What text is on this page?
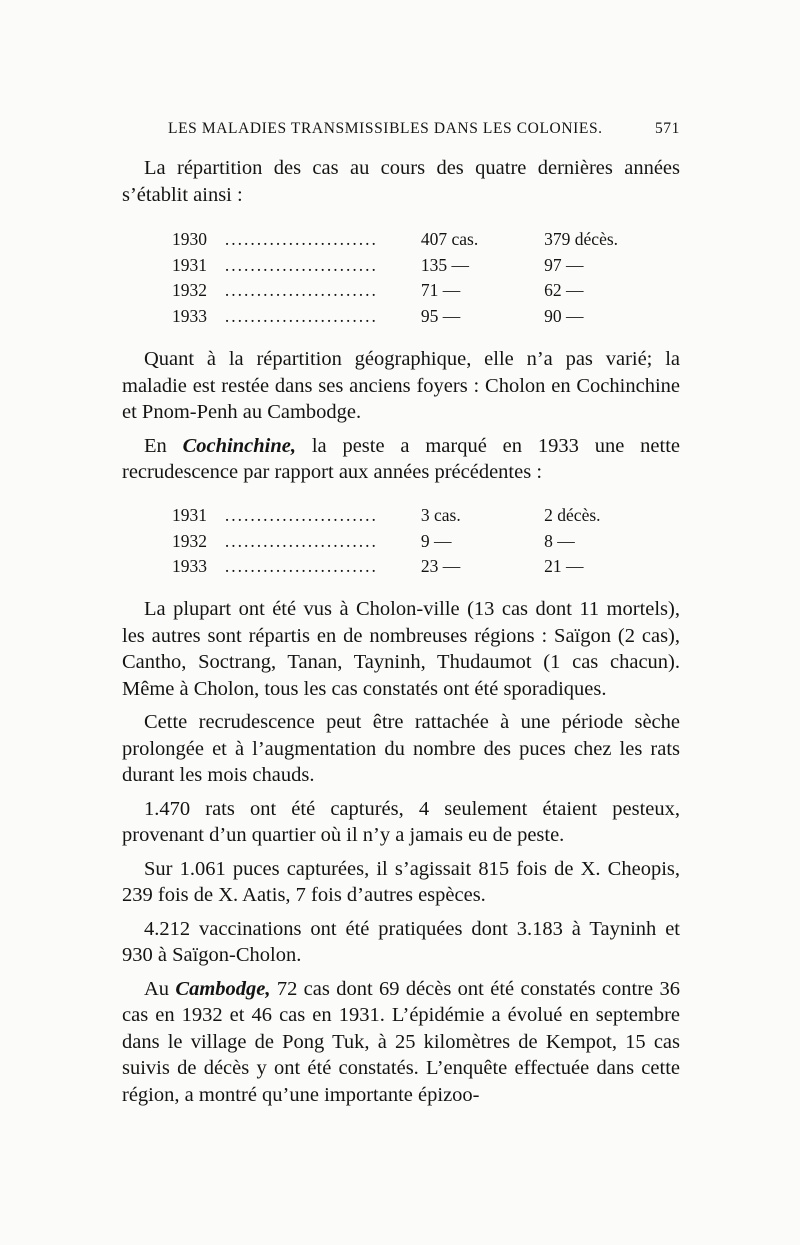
LES MALADIES TRANSMISSIBLES DANS LES COLONIES.	571

La répartition des cas au cours des quatre dernières années s’établit ainsi :

1930	........................	407 cas.	379 décès.
1931	........................	135 —	97 —
1932	........................	71 —	62 —
1933	........................	95 —	90 —

Quant à la répartition géographique, elle n’a pas varié; la maladie est restée dans ses anciens foyers : Cholon en Cochinchine et Pnom-Penh au Cambodge.

En Cochinchine, la peste a marqué en 1933 une nette recrudescence par rapport aux années précédentes :

1931	........................	3 cas.	2 décès.
1932	........................	9 —	8 —
1933	........................	23 —	21 —

La plupart ont été vus à Cholon-ville (13 cas dont 11 mortels), les autres sont répartis en de nombreuses régions : Saïgon (2 cas), Cantho, Soctrang, Tanan, Tayninh, Thudaumot (1 cas chacun). Même à Cholon, tous les cas constatés ont été sporadiques.

Cette recrudescence peut être rattachée à une période sèche prolongée et à l’augmentation du nombre des puces chez les rats durant les mois chauds.

1.470 rats ont été capturés, 4 seulement étaient pesteux, provenant d’un quartier où il n’y a jamais eu de peste.

Sur 1.061 puces capturées, il s’agissait 815 fois de X. Cheopis, 239 fois de X. Aatis, 7 fois d’autres espèces.

4.212 vaccinations ont été pratiquées dont 3.183 à Tayninh et 930 à Saïgon-Cholon.

Au Cambodge, 72 cas dont 69 décès ont été constatés contre 36 cas en 1932 et 46 cas en 1931. L’épidémie a évolué en septembre dans le village de Pong Tuk, à 25 kilomètres de Kempot, 15 cas suivis de décès y ont été constatés. L’enquête effectuée dans cette région, a montré qu’une importante épizoo-
